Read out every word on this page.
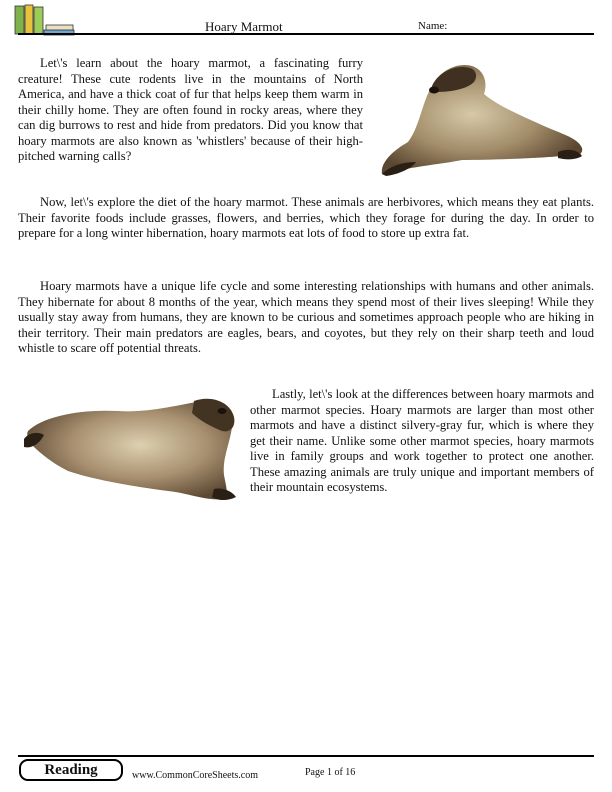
Hoary Marmot	Name:

Let\'s learn about the hoary marmot, a fascinating furry creature! These cute rodents live in the mountains of North America, and have a thick coat of fur that helps keep them warm in their chilly home. They are often found in rocky areas, where they can dig burrows to rest and hide from predators. Did you know that hoary marmots are also known as 'whistlers' because of their high-pitched warning calls?

Now, let\'s explore the diet of the hoary marmot. These animals are herbivores, which means they eat plants. Their favorite foods include grasses, flowers, and berries, which they forage for during the day. In order to prepare for a long winter hibernation, hoary marmots eat lots of food to store up extra fat.

Hoary marmots have a unique life cycle and some interesting relationships with humans and other animals. They hibernate for about 8 months of the year, which means they spend most of their lives sleeping! While they usually stay away from humans, they are known to be curious and sometimes approach people who are hiking in their territory. Their main predators are eagles, bears, and coyotes, but they rely on their sharp teeth and loud whistle to scare off potential threats.

Lastly, let\'s look at the differences between hoary marmots and other marmot species. Hoary marmots are larger than most other marmots and have a distinct silvery-gray fur, which is where they get their name. Unlike some other marmot species, hoary marmots live in family groups and work together to protect one another. These amazing animals are truly unique and important members of their mountain ecosystems.
Reading	www.CommonCoreSheets.com	Page 1 of 16
